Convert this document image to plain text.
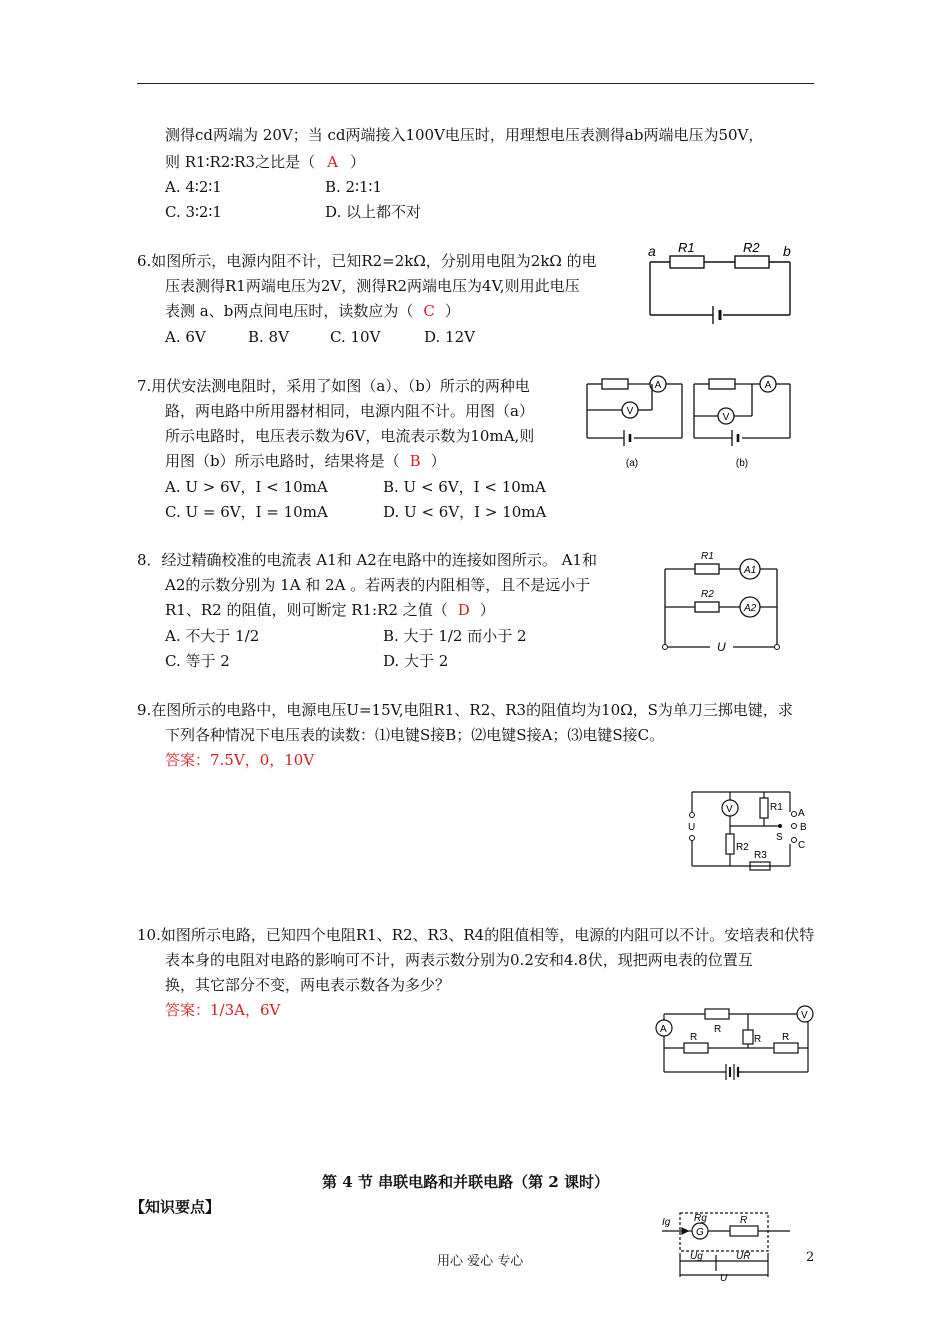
测得cd两端为 20V；当 cd两端接入100V电压时，用理想电压表测得ab两端电压为50V，
则 R1∶R2∶R3之比是（ A ）
A. 4∶2∶1	B. 2∶1∶1
C. 3∶2∶1	D. 以上都不对
6.如图所示，电源内阻不计，已知R2=2kΩ，分别用电阻为2kΩ 的电
压表测得R1两端电压为2V，测得R2两端电压为4V,则用此电压
表测 a、b两点间电压时，读数应为（ C ）
A. 6V	B. 8V	C. 10V	D. 12V
a	b
R1	R2
7.用伏安法测电阻时，采用了如图（a）、（b）所示的两种电
路，两电路中所用器材相同，电源内阻不计。用图（a）
所示电路时，电压表示数为6V，电流表示数为10mA,则
用图（b）所示电路时，结果将是（ B ）
A. U > 6V，I < 10mA	B. U < 6V，I < 10mA
C. U = 6V，I = 10mA	D. U < 6V，I > 10mA
A
V
A
V
(a)	(b)
8．经过精确校准的电流表 A1和 A2在电路中的连接如图所示。 A1和
A2的示数分别为 1A 和 2A 。若两表的内阻相等，且不是远小于
R1、R2 的阻值，则可断定 R1:R2 之值（ D ）
A. 不大于 1/2	B. 大于 1/2 而小于 2
C. 等于 2	D. 大于 2
R1
R2
A1
A2
U
9.在图所示的电路中，电源电压U=15V,电阻R1、R2、R3的阻值均为10Ω，S为单刀三掷电键，求
下列各种情况下电压表的读数：⑴电键S接B；⑵电键S接A；⑶电键S接C。
答案：7.5V，0，10V
V
U
R1
R2
R3
A
B
C
S
10.如图所示电路，已知四个电阻R1、R2、R3、R4的阻值相等，电源的内阻可以不计。安培表和伏特
表本身的电阻对电路的影响可不计，两表示数分别为0.2安和4.8伏，现把两电表的位置互
换，其它部分不变，两电表示数各为多少？
答案：1/3A，6V
A
V
R
R
R	R
第 4 节 串联电路和并联电路（第 2 课时）
【知识要点】
Ig Rg
G
R
Ug	UR
U
用心 爱心 专心	2
